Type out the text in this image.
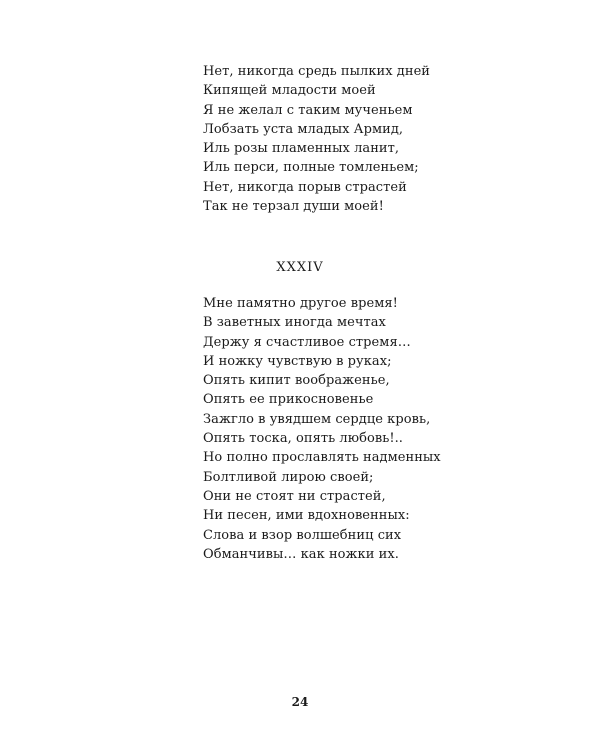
Нет, никогда средь пылких дней
Кипящей младости моей
Я не желал с таким мученьем
Лобзать уста младых Армид,
Иль розы пламенных ланит,
Иль перси, полные томленьем;
Нет, никогда порыв страстей
Так не терзал души моей!
XXXIV
Мне памятно другое время!
В заветных иногда мечтах
Держу я счастливое стремя…
И ножку чувствую в руках;
Опять кипит воображенье,
Опять ее прикосновенье
Зажгло в увядшем сердце кровь,
Опять тоска, опять любовь!..
Но полно прославлять надменных
Болтливой лирою своей;
Они не стоят ни страстей,
Ни песен, ими вдохновенных:
Слова и взор волшебниц сих
Обманчивы… как ножки их.
24
